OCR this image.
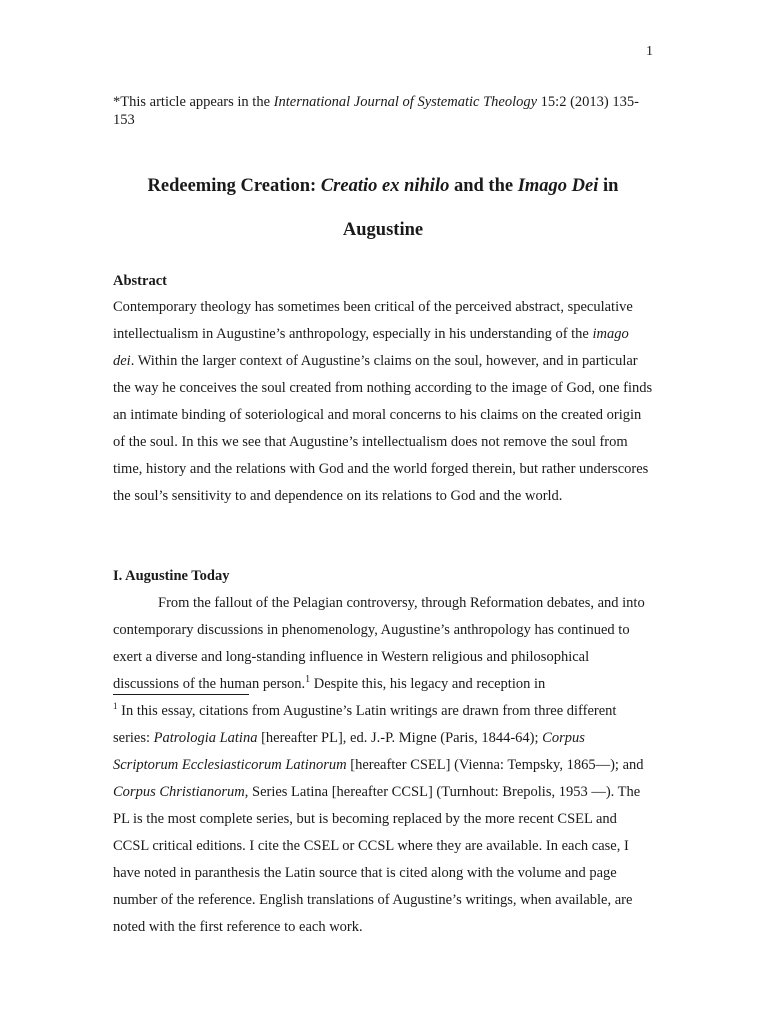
1
*This article appears in the International Journal of Systematic Theology 15:2 (2013) 135-153
Redeeming Creation: Creatio ex nihilo and the Imago Dei in Augustine
Abstract
Contemporary theology has sometimes been critical of the perceived abstract, speculative intellectualism in Augustine’s anthropology, especially in his understanding of the imago dei. Within the larger context of Augustine’s claims on the soul, however, and in particular the way he conceives the soul created from nothing according to the image of God, one finds an intimate binding of soteriological and moral concerns to his claims on the created origin of the soul. In this we see that Augustine’s intellectualism does not remove the soul from time, history and the relations with God and the world forged therein, but rather underscores the soul’s sensitivity to and dependence on its relations to God and the world.
I. Augustine Today
From the fallout of the Pelagian controversy, through Reformation debates, and into contemporary discussions in phenomenology, Augustine’s anthropology has continued to exert a diverse and long-standing influence in Western religious and philosophical discussions of the human person.$^1$ Despite this, his legacy and reception in
$^1$ In this essay, citations from Augustine’s Latin writings are drawn from three different series: Patrologia Latina [hereafter PL], ed. J.-P. Migne (Paris, 1844-64); Corpus Scriptorum Ecclesiasticorum Latinorum [hereafter CSEL] (Vienna: Tempsky, 1865—); and Corpus Christianorum, Series Latina [hereafter CCSL] (Turnhout: Brepolis, 1953 —). The PL is the most complete series, but is becoming replaced by the more recent CSEL and CCSL critical editions. I cite the CSEL or CCSL where they are available. In each case, I have noted in paranthesis the Latin source that is cited along with the volume and page number of the reference. English translations of Augustine’s writings, when available, are noted with the first reference to each work.
